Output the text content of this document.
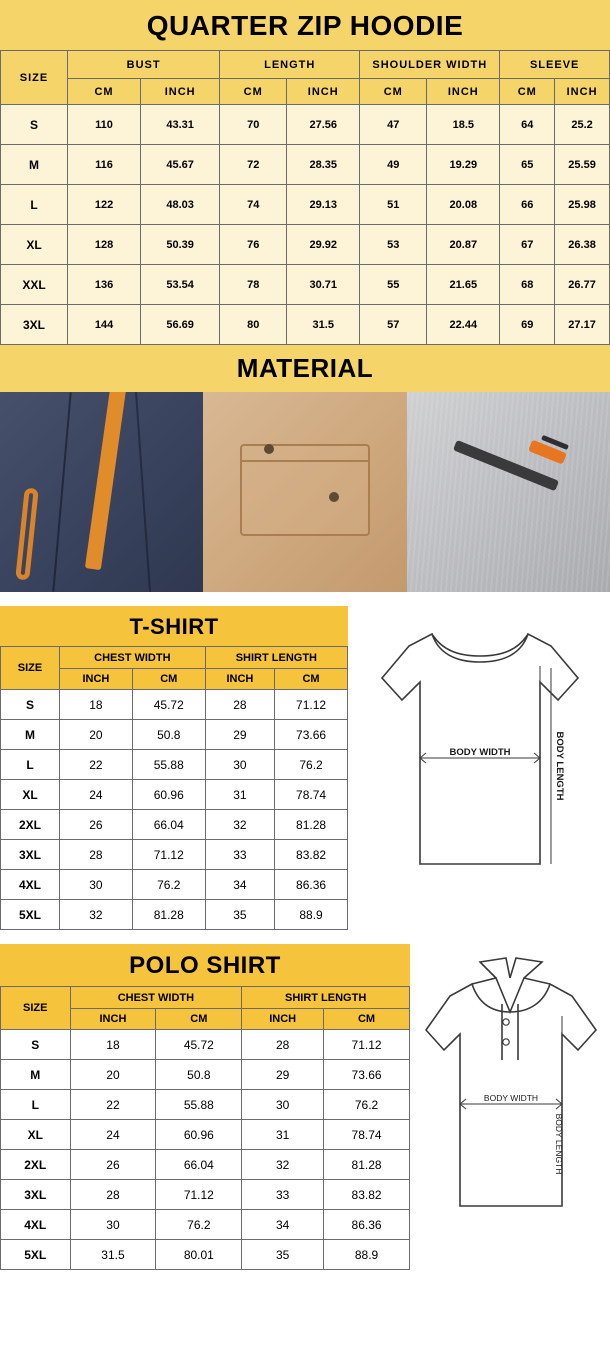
QUARTER ZIP HOODIE
SIZE	BUST		LENGTH		SHOULDER WIDTH		SLEEVE	
	CM	INCH	CM	INCH	CM	INCH	CM	INCH
S	110	43.31	70	27.56	47	18.5	64	25.2
M	116	45.67	72	28.35	49	19.29	65	25.59
L	122	48.03	74	29.13	51	20.08	66	25.98
XL	128	50.39	76	29.92	53	20.87	67	26.38
XXL	136	53.54	78	30.71	55	21.65	68	26.77
3XL	144	56.69	80	31.5	57	22.44	69	27.17
MATERIAL
T-SHIRT
SIZE	CHEST WIDTH		SHIRT LENGTH	
	INCH	CM	INCH	CM
S	18	45.72	28	71.12
M	20	50.8	29	73.66
L	22	55.88	30	76.2
XL	24	60.96	31	78.74
2XL	26	66.04	32	81.28
3XL	28	71.12	33	83.82
4XL	30	76.2	34	86.36
5XL	32	81.28	35	88.9
BODY WIDTH	BODY LENGTH
POLO SHIRT
SIZE	CHEST WIDTH		SHIRT LENGTH	
	INCH	CM	INCH	CM
S	18	45.72	28	71.12
M	20	50.8	29	73.66
L	22	55.88	30	76.2
XL	24	60.96	31	78.74
2XL	26	66.04	32	81.28
3XL	28	71.12	33	83.82
4XL	30	76.2	34	86.36
5XL	31.5	80.01	35	88.9
BODY WIDTH
BODY LENGTH
